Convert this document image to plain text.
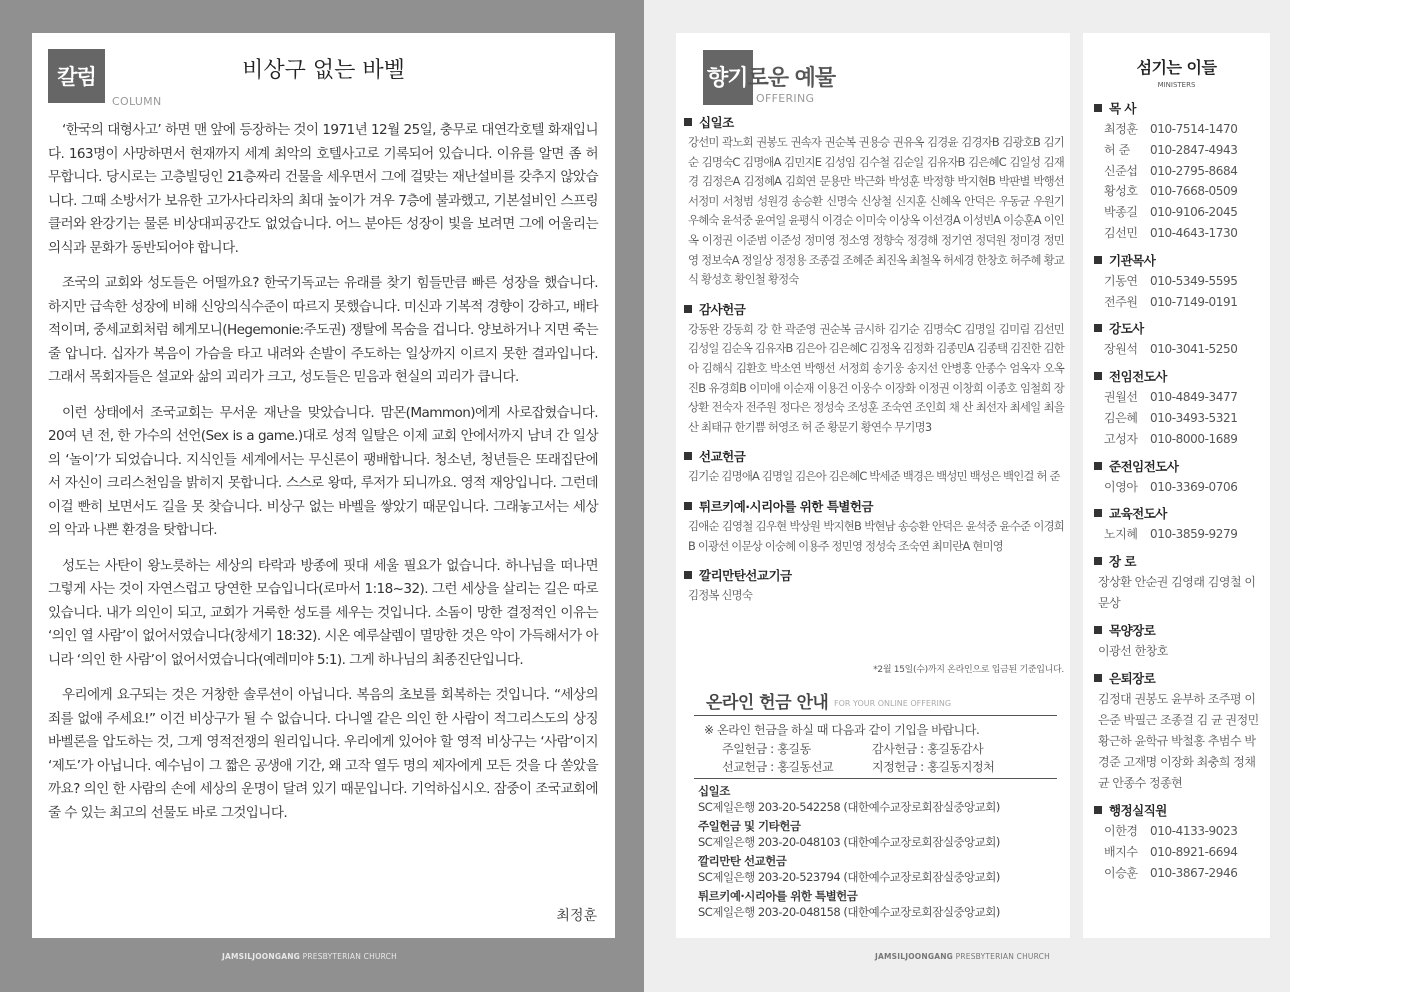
칼럼
COLUMN
비상구 없는 바벨

‘한국의 대형사고’ 하면 맨 앞에 등장하는 것이 1971년 12월 25일, 충무로 대연각호텔 화재입니다. 163명이 사망하면서 현재까지 세계 최악의 호텔사고로 기록되어 있습니다. 이유를 알면 좀 허무합니다. 당시로는 고층빌딩인 21층짜리 건물을 세우면서 그에 걸맞는 재난설비를 갖추지 않았습니다. 그때 소방서가 보유한 고가사다리차의 최대 높이가 겨우 7층에 불과했고, 기본설비인 스프링클러와 완강기는 물론 비상대피공간도 없었습니다. 어느 분야든 성장이 빛을 보려면 그에 어울리는 의식과 문화가 동반되어야 합니다.

조국의 교회와 성도들은 어떨까요? 한국기독교는 유래를 찾기 힘들만큼 빠른 성장을 했습니다. 하지만 급속한 성장에 비해 신앙의식수준이 따르지 못했습니다. 미신과 기복적 경향이 강하고, 배타적이며, 중세교회처럼 헤게모니(Hegemonie:주도권) 쟁탈에 목숨을 겁니다. 양보하거나 지면 죽는 줄 압니다. 십자가 복음이 가슴을 타고 내려와 손발이 주도하는 일상까지 이르지 못한 결과입니다. 그래서 목회자들은 설교와 삶의 괴리가 크고, 성도들은 믿음과 현실의 괴리가 큽니다.

이런 상태에서 조국교회는 무서운 재난을 맞았습니다. 맘몬(Mammon)에게 사로잡혔습니다. 20여 년 전, 한 가수의 선언(Sex is a game.)대로 성적 일탈은 이제 교회 안에서까지 남녀 간 일상의 ‘놀이’가 되었습니다. 지식인들 세계에서는 무신론이 팽배합니다. 청소년, 청년들은 또래집단에서 자신이 크리스천임을 밝히지 못합니다. 스스로 왕따, 루저가 되니까요. 영적 재앙입니다. 그런데 이걸 빤히 보면서도 길을 못 찾습니다. 비상구 없는 바벨을 쌓았기 때문입니다. 그래놓고서는 세상의 악과 나쁜 환경을 탓합니다.

성도는 사탄이 왕노릇하는 세상의 타락과 방종에 핏대 세울 필요가 없습니다. 하나님을 떠나면 그렇게 사는 것이 자연스럽고 당연한 모습입니다(로마서 1:18~32). 그런 세상을 살리는 길은 따로 있습니다. 내가 의인이 되고, 교회가 거룩한 성도를 세우는 것입니다. 소돔이 망한 결정적인 이유는 ‘의인 열 사람’이 없어서였습니다(창세기 18:32). 시온 예루살렘이 멸망한 것은 악이 가득해서가 아니라 ‘의인 한 사람’이 없어서였습니다(예레미야 5:1). 그게 하나님의 최종진단입니다.

우리에게 요구되는 것은 거창한 솔루션이 아닙니다. 복음의 초보를 회복하는 것입니다. “세상의 죄를 없애 주세요!” 이건 비상구가 될 수 없습니다. 다니엘 같은 의인 한 사람이 적그리스도의 상징 바벨론을 압도하는 것, 그게 영적전쟁의 원리입니다. 우리에게 있어야 할 영적 비상구는 ‘사람’이지 ‘제도’가 아닙니다. 예수님이 그 짧은 공생애 기간, 왜 고작 열두 명의 제자에게 모든 것을 다 쏟았을까요? 의인 한 사람의 손에 세상의 운명이 달려 있기 때문입니다. 기억하십시오. 잠중이 조국교회에 줄 수 있는 최고의 선물도 바로 그것입니다.

최정훈
JAMSILJOONGANG PRESBYTERIAN CHURCH
향기로운 예물
OFFERING
십일조
강선미 곽노회 권봉도 권속자 권순복 권용승 권유옥 김경윤 김경자B 김광호B 김기순 김명숙C 김명애A 김민지E 김성임 김수철 김순일 김유자B 김은혜C 김일성 김재경 김정은A 김정혜A 김희연 문용만 박근화 박성훈 박정향 박지현B 박판별 박행선 서정미 서청범 성원경 송승환 신명숙 신상철 신지훈 신혜옥 안덕은 우동균 우원기 우혜숙 윤석중 윤여일 윤평식 이경순 이미숙 이상옥 이선경A 이성빈A 이승훈A 이인옥 이정권 이준범 이준성 정미영 정소영 정향숙 정경해 정기연 정덕원 정미경 정민영 정보숙A 정일상 정정용 조종걸 조혜준 최진옥 최철옥 허세경 한창호 허주혜 황교식 황성호 황인철 황정숙
감사헌금
강동완 강동희 강 한 곽준영 권순복 금시하 김기순 김명숙C 김명일 김미림 김선민 김성일 김순옥 김유자B 김은아 김은혜C 김정옥 김정화 김종민A 김종택 김진한 김한아 김해식 김환호 박소연 박행선 서정희 송기웅 송지선 안병홍 안종수 엄옥자 오옥진B 유경희B 이미애 이순재 이용건 이웅수 이장화 이정권 이창희 이종호 임철희 장상환 전숙자 전주원 정다은 정성숙 조성훈 조숙연 조인희 채 산 최선자 최세일 최을산 최태규 한기쁨 허영조 허 준 황문기 황연수 무기명3
선교헌금
김기순 김명애A 김명일 김은아 김은혜C 박세준 백경은 백성민 백성은 백인걸 허 준
튀르키예·시리아를 위한 특별헌금
김애순 김영철 김우현 박상원 박지현B 박현남 송승환 안덕은 윤석중 윤수준 이경희B 이광선 이문상 이숭혜 이용주 정민영 정성숙 조숙연 최미란A 현미영
깔리만탄선교기금
김정복 신명숙
*2월 15일(수)까지 온라인으로 입금된 기준입니다.
온라인 헌금 안내 FOR YOUR ONLINE OFFERING
※ 온라인 헌금을 하실 때 다음과 같이 기입을 바랍니다.
주일헌금 : 홍길동	감사헌금 : 홍길동감사
선교헌금 : 홍길동선교	지정헌금 : 홍길동지정처
십일조
SC제일은행 203-20-542258 (대한예수교장로회잠실중앙교회)
주일헌금 및 기타헌금
SC제일은행 203-20-048103 (대한예수교장로회잠실중앙교회)
깔리만탄 선교헌금
SC제일은행 203-20-523794 (대한예수교장로회잠실중앙교회)
튀르키예·시리아를 위한 특별헌금
SC제일은행 203-20-048158 (대한예수교장로회잠실중앙교회)
섬기는 이들
MINISTERS
목 사
최정훈 010-7514-1470
허 준	010-2847-4943
신준섭 010-2795-8684
황성호 010-7668-0509
박종길 010-9106-2045
김선민 010-4643-1730
기관목사
기동연 010-5349-5595
전주원 010-7149-0191
강도사
장원석 010-3041-5250
전임전도사
권월선 010-4849-3477
김은혜 010-3493-5321
고성자 010-8000-1689
준전임전도사
이영아 010-3369-0706
교육전도사
노지혜 010-3859-9279
장 로
장상환 안순권 김영래 김영철 이문상
목양장로
이광선 한창호
은퇴장로
김정대 권봉도 윤부하 조주평 이은준 박필근 조종걸 김 균 권정민 황근하 윤학규 박철홍 추범수 박경준 고재명 이장화 최충희 정채균 안종수 정종현
행정실직원
이한경 010-4133-9023
배지수 010-8921-6694
이승훈 010-3867-2946
JAMSILJOONGANG PRESBYTERIAN CHURCH
